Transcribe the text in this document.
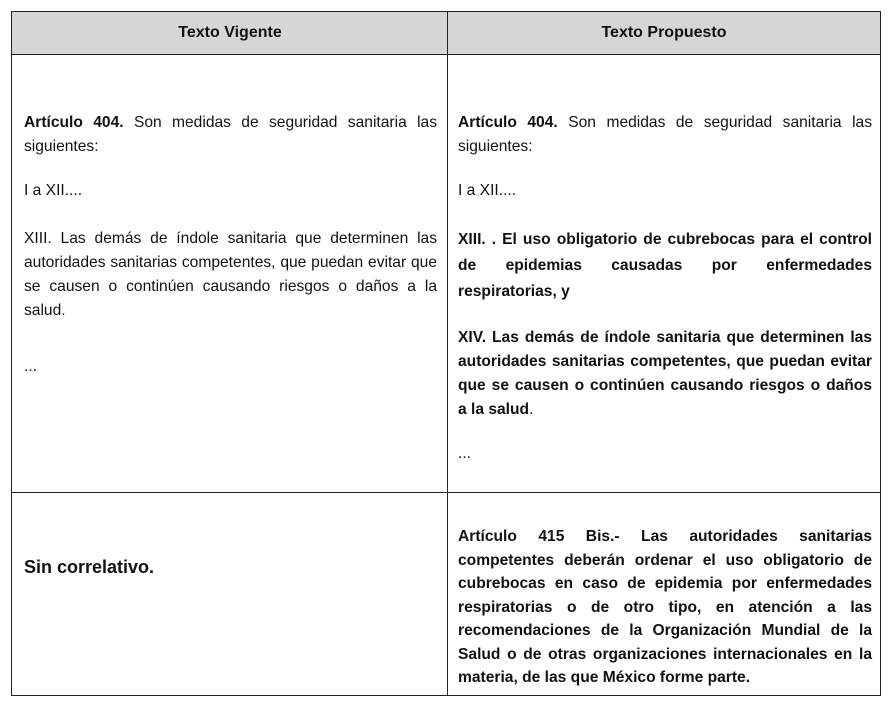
Texto Vigente	Texto Propuesto

Artículo 404. Son medidas de seguridad sanitaria las siguientes:

I a XII....
XIII. Las demás de índole sanitaria que determinen las autoridades sanitarias competentes, que puedan evitar que se causen o continúen causando riesgos o daños a la salud.
...

Artículo 404. Son medidas de seguridad sanitaria las siguientes:

I a XII....
XIII. . El uso obligatorio de cubrebocas para el control de epidemias causadas por enfermedades respiratorias, y

XIV. Las demás de índole sanitaria que determinen las autoridades sanitarias competentes, que puedan evitar que se causen o continúen causando riesgos o daños a la salud.

...
Sin correlativo.
Artículo 415 Bis.- Las autoridades sanitarias competentes deberán ordenar el uso obligatorio de cubrebocas en caso de epidemia por enfermedades respiratorias o de otro tipo, en atención a las recomendaciones de la Organización Mundial de la Salud o de otras organizaciones internacionales en la materia, de las que México forme parte.
